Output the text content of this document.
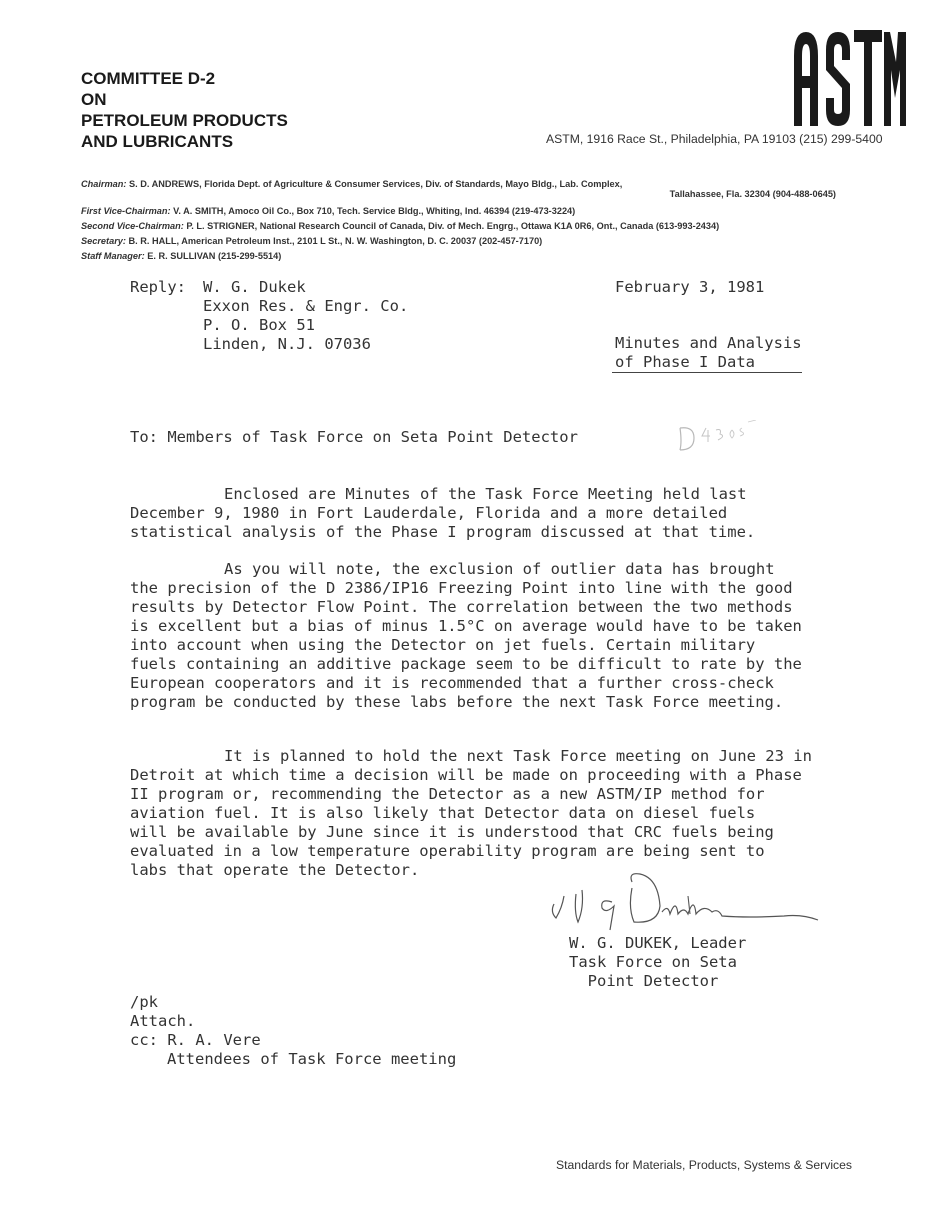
COMMITTEE D-2
ON
PETROLEUM PRODUCTS
AND LUBRICANTS	ASTM, 1916 Race St., Philadelphia, PA 19103 (215) 299-5400
Chairman: S. D. ANDREWS, Florida Dept. of Agriculture & Consumer Services, Div. of Standards, Mayo Bldg., Lab. Complex,
Tallahassee, Fla. 32304 (904-488-0645)
First Vice-Chairman: V. A. SMITH, Amoco Oil Co., Box 710, Tech. Service Bldg., Whiting, Ind. 46394 (219-473-3224)
Second Vice-Chairman: P. L. STRIGNER, National Research Council of Canada, Div. of Mech. Engrg., Ottawa K1A 0R6, Ont., Canada (613-993-2434)
Secretary: B. R. HALL, American Petroleum Inst., 2101 L St., N. W. Washington, D. C. 20037 (202-457-7170)
Staff Manager: E. R. SULLIVAN (215-299-5514)
Reply: W. G. Dukek
Exxon Res. & Engr. Co.
P. O. Box 51
Linden, N.J. 07036
February 3, 1981
Minutes and Analysis
of Phase I Data
To: Members of Task Force on Seta Point Detector
Enclosed are Minutes of the Task Force Meeting held last
December 9, 1980 in Fort Lauderdale, Florida and a more detailed
statistical analysis of the Phase I program discussed at that time.
As you will note, the exclusion of outlier data has brought
the precision of the D 2386/IP16 Freezing Point into line with the good
results by Detector Flow Point. The correlation between the two methods
is excellent but a bias of minus 1.5°C on average would have to be taken
into account when using the Detector on jet fuels. Certain military
fuels containing an additive package seem to be difficult to rate by the
European cooperators and it is recommended that a further cross-check
program be conducted by these labs before the next Task Force meeting.
It is planned to hold the next Task Force meeting on June 23 in
Detroit at which time a decision will be made on proceeding with a Phase
II program or, recommending the Detector as a new ASTM/IP method for
aviation fuel. It is also likely that Detector data on diesel fuels
will be available by June since it is understood that CRC fuels being
evaluated in a low temperature operability program are being sent to
labs that operate the Detector.
W. G. DUKEK, Leader
Task Force on Seta
Point Detector
/pk
Attach.
cc: R. A. Vere
Attendees of Task Force meeting
Standards for Materials, Products, Systems & Services
